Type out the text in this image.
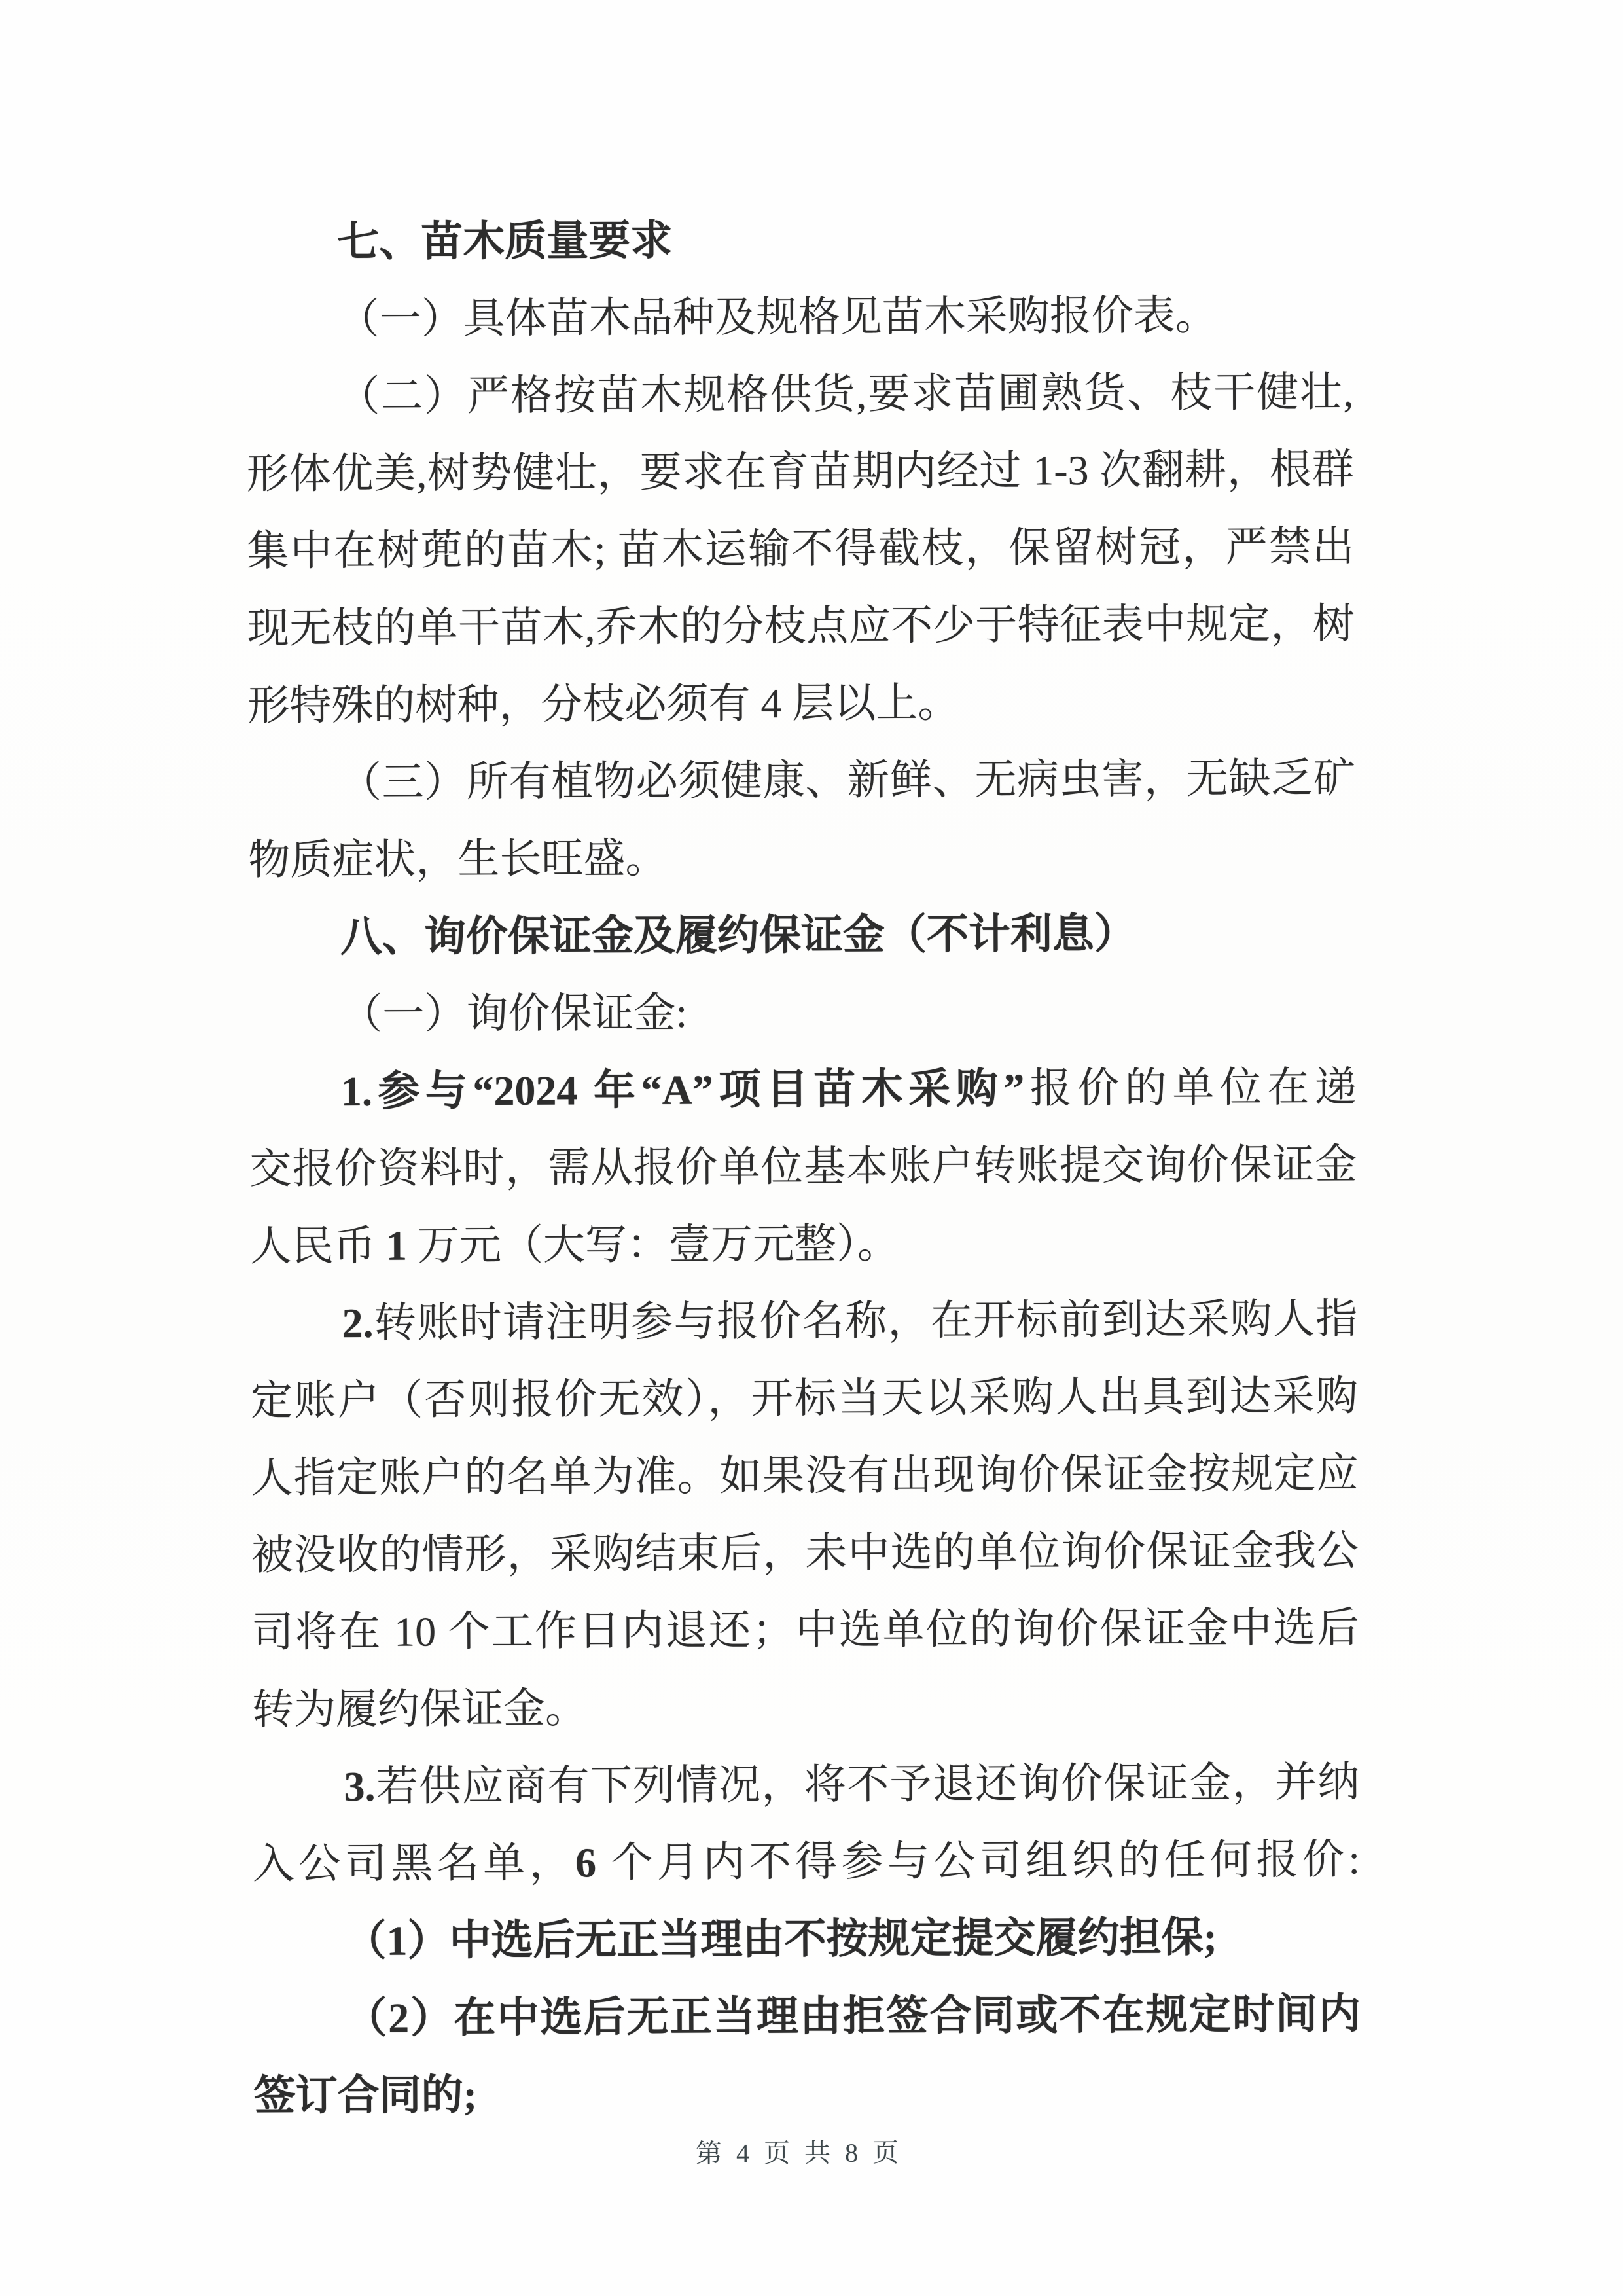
七、苗木质量要求
（一）具体苗木品种及规格见苗木采购报价表。
（二）严格按苗木规格供货,要求苗圃熟货、枝干健壮,
形体优美,树势健壮，要求在育苗期内经过 1-3 次翻耕，根群
集中在树蔸的苗木; 苗木运输不得截枝，保留树冠，严禁出
现无枝的单干苗木,乔木的分枝点应不少于特征表中规定，树
形特殊的树种，分枝必须有 4 层以上。
（三）所有植物必须健康、新鲜、无病虫害，无缺乏矿
物质症状，生长旺盛。
八、询价保证金及履约保证金（不计利息）
（一）询价保证金:
1.参与“2024 年“A”项目苗木采购”报价的单位在递
交报价资料时，需从报价单位基本账户转账提交询价保证金
人民币 1 万元（大写：壹万元整）。
2.转账时请注明参与报价名称，在开标前到达采购人指
定账户（否则报价无效），开标当天以采购人出具到达采购
人指定账户的名单为准。如果没有出现询价保证金按规定应
被没收的情形，采购结束后，未中选的单位询价保证金我公
司将在 10 个工作日内退还；中选单位的询价保证金中选后
转为履约保证金。
3.若供应商有下列情况，将不予退还询价保证金，并纳
入公司黑名单，6 个月内不得参与公司组织的任何报价:
（1）中选后无正当理由不按规定提交履约担保;
（2）在中选后无正当理由拒签合同或不在规定时间内
签订合同的;
第 4 页 共 8 页
